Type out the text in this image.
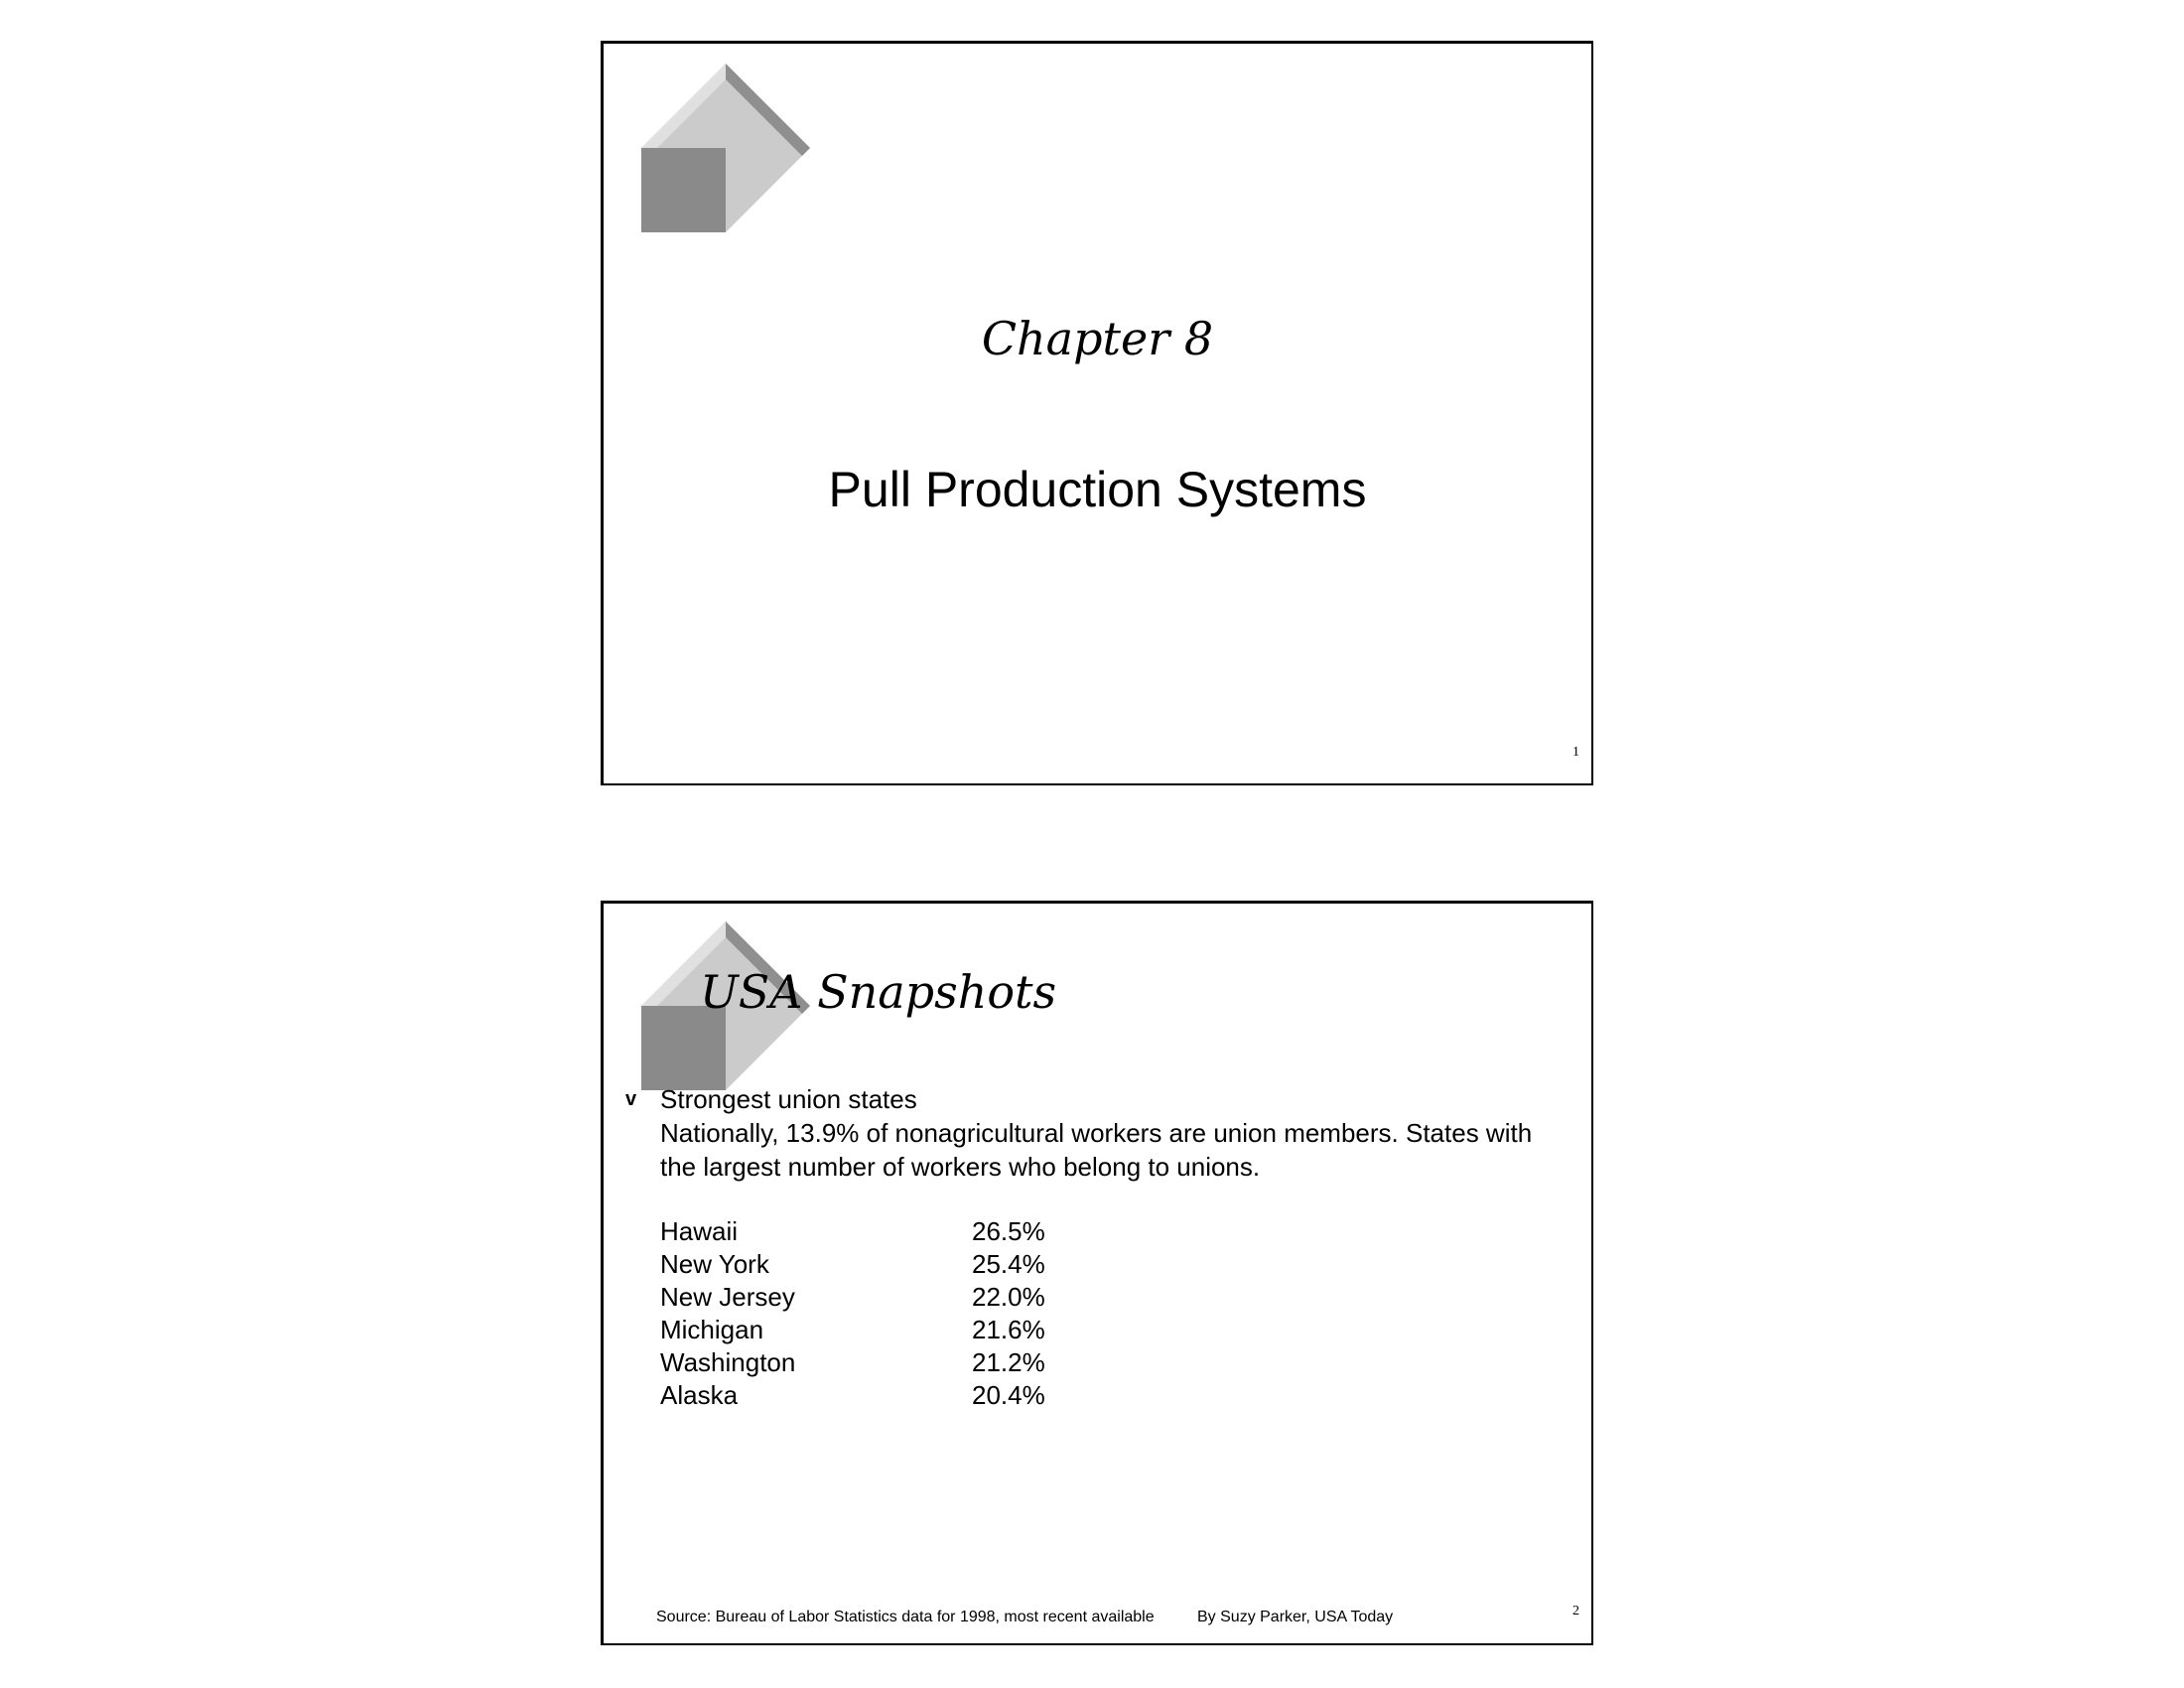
Chapter 8
Pull Production Systems
1
USA Snapshots
v Strongest union states
Nationally, 13.9% of nonagricultural workers are union members. States with the largest number of workers who belong to unions.
Hawaii	26.5%
New York	25.4%
New Jersey	22.0%
Michigan	21.6%
Washington	21.2%
Alaska	20.4%
Source: Bureau of Labor Statistics data for 1998, most recent available	By Suzy Parker, USA Today	2
